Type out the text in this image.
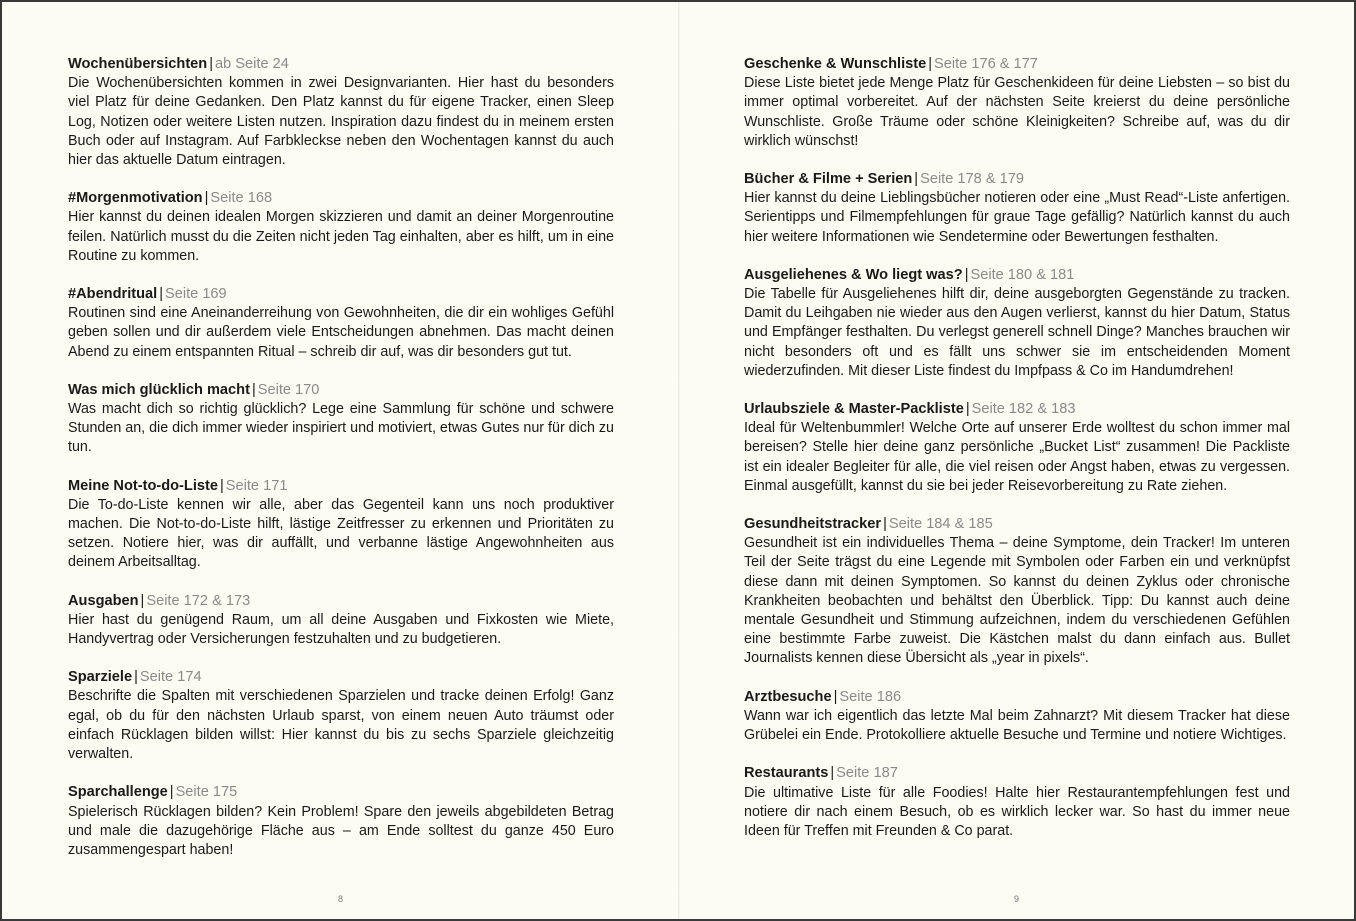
Wochenübersichten | ab Seite 24

Die Wochenübersichten kommen in zwei Designvarianten. Hier hast du besonders viel Platz für deine Gedanken. Den Platz kannst du für eigene Tracker, einen Sleep Log, Notizen oder weitere Listen nutzen. Inspiration dazu findest du in meinem ersten Buch oder auf Instagram. Auf Farbkleckse neben den Wochentagen kannst du auch hier das aktuelle Datum eintragen.

#Morgenmotivation | Seite 168

Hier kannst du deinen idealen Morgen skizzieren und damit an deiner Morgenroutine feilen. Natürlich musst du die Zeiten nicht jeden Tag einhalten, aber es hilft, um in eine Routine zu kommen.

#Abendritual | Seite 169

Routinen sind eine Aneinanderreihung von Gewohnheiten, die dir ein wohliges Gefühl geben sollen und dir außerdem viele Entscheidungen abnehmen. Das macht deinen Abend zu einem entspannten Ritual – schreib dir auf, was dir besonders gut tut.

Was mich glücklich macht | Seite 170

Was macht dich so richtig glücklich? Lege eine Sammlung für schöne und schwere Stunden an, die dich immer wieder inspiriert und motiviert, etwas Gutes nur für dich zu tun.

Meine Not-to-do-Liste | Seite 171

Die To-do-Liste kennen wir alle, aber das Gegenteil kann uns noch produktiver machen. Die Not-to-do-Liste hilft, lästige Zeitfresser zu erkennen und Prioritäten zu setzen. Notiere hier, was dir auffällt, und verbanne lästige Angewohnheiten aus deinem Arbeitsalltag.

Ausgaben | Seite 172 & 173

Hier hast du genügend Raum, um all deine Ausgaben und Fixkosten wie Miete, Handyvertrag oder Versicherungen festzuhalten und zu budgetieren.

Sparziele | Seite 174

Beschrifte die Spalten mit verschiedenen Sparzielen und tracke deinen Erfolg! Ganz egal, ob du für den nächsten Urlaub sparst, von einem neuen Auto träumst oder einfach Rücklagen bilden willst: Hier kannst du bis zu sechs Sparziele gleichzeitig verwalten.

Sparchallenge | Seite 175

Spielerisch Rücklagen bilden? Kein Problem! Spare den jeweils abgebildeten Betrag und male die dazugehörige Fläche aus – am Ende solltest du ganze 450 Euro zusammengespart haben!

8
Geschenke & Wunschliste | Seite 176 & 177

Diese Liste bietet jede Menge Platz für Geschenkideen für deine Liebsten – so bist du immer optimal vorbereitet. Auf der nächsten Seite kreierst du deine persönliche Wunschliste. Große Träume oder schöne Kleinigkeiten? Schreibe auf, was du dir wirklich wünschst!

Bücher & Filme + Serien | Seite 178 & 179

Hier kannst du deine Lieblingsbücher notieren oder eine „Must Read“-Liste anfertigen. Serientipps und Filmempfehlungen für graue Tage gefällig? Natürlich kannst du auch hier weitere Informationen wie Sendetermine oder Bewertungen festhalten.

Ausgeliehenes & Wo liegt was? | Seite 180 & 181

Die Tabelle für Ausgeliehenes hilft dir, deine ausgeborgten Gegenstände zu tracken. Damit du Leihgaben nie wieder aus den Augen verlierst, kannst du hier Datum, Status und Empfänger festhalten. Du verlegst generell schnell Dinge? Manches brauchen wir nicht besonders oft und es fällt uns schwer sie im entscheidenden Moment wiederzufinden. Mit dieser Liste findest du Impfpass & Co im Handumdrehen!

Urlaubsziele & Master-Packliste | Seite 182 & 183

Ideal für Weltenbummler! Welche Orte auf unserer Erde wolltest du schon immer mal bereisen? Stelle hier deine ganz persönliche „Bucket List“ zusammen! Die Packliste ist ein idealer Begleiter für alle, die viel reisen oder Angst haben, etwas zu vergessen. Einmal ausgefüllt, kannst du sie bei jeder Reisevorbereitung zu Rate ziehen.

Gesundheitstracker | Seite 184 & 185

Gesundheit ist ein individuelles Thema – deine Symptome, dein Tracker! Im unteren Teil der Seite trägst du eine Legende mit Symbolen oder Farben ein und verknüpfst diese dann mit deinen Symptomen. So kannst du deinen Zyklus oder chronische Krankheiten beobachten und behältst den Überblick. Tipp: Du kannst auch deine mentale Gesundheit und Stimmung aufzeichnen, indem du verschiedenen Gefühlen eine bestimmte Farbe zuweist. Die Kästchen malst du dann einfach aus. Bullet Journalists kennen diese Übersicht als „year in pixels“.

Arztbesuche | Seite 186

Wann war ich eigentlich das letzte Mal beim Zahnarzt? Mit diesem Tracker hat diese Grübelei ein Ende. Protokolliere aktuelle Besuche und Termine und notiere Wichtiges.

Restaurants | Seite 187

Die ultimative Liste für alle Foodies! Halte hier Restaurantempfehlungen fest und notiere dir nach einem Besuch, ob es wirklich lecker war. So hast du immer neue Ideen für Treffen mit Freunden & Co parat.

9
